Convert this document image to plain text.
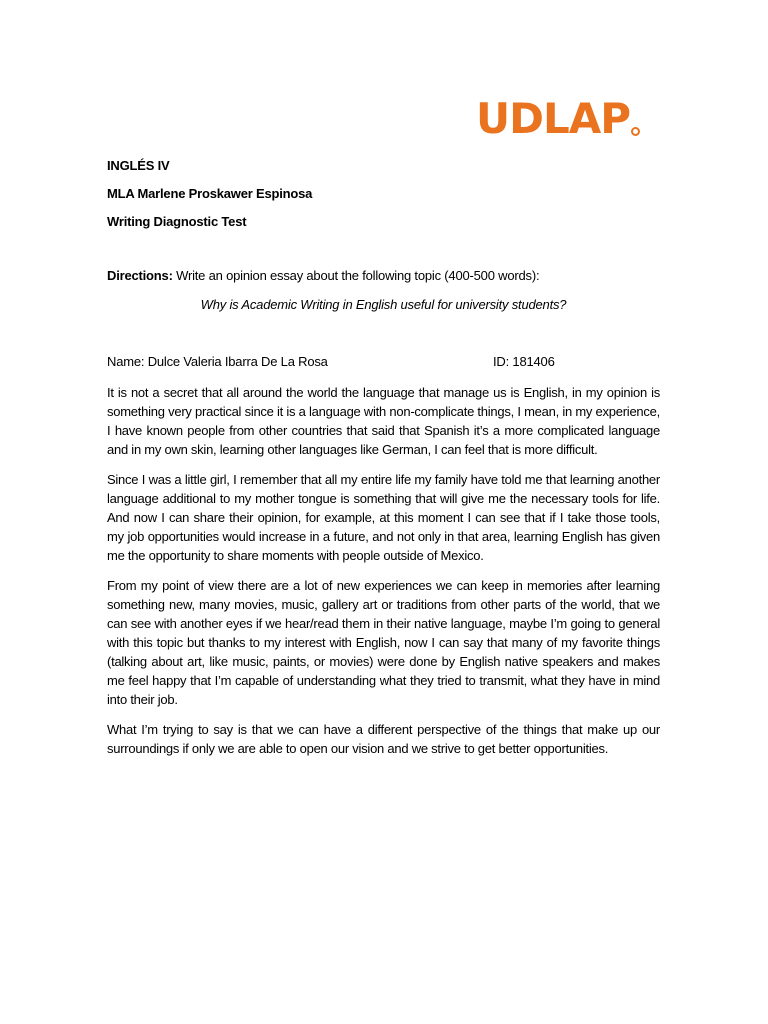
UDLAP
INGLÉS IV
MLA Marlene Proskawer Espinosa
Writing Diagnostic Test
Directions: Write an opinion essay about the following topic (400-500 words):
Why is Academic Writing in English useful for university students?
Name: Dulce Valeria Ibarra De La Rosa	ID: 181406

It is not a secret that all around the world the language that manage us is English, in my opinion is something very practical since it is a language with non-complicate things, I mean, in my experience, I have known people from other countries that said that Spanish it’s a more complicated language and in my own skin, learning other languages like German, I can feel that is more difficult.

Since I was a little girl, I remember that all my entire life my family have told me that learning another language additional to my mother tongue is something that will give me the necessary tools for life. And now I can share their opinion, for example, at this moment I can see that if I take those tools, my job opportunities would increase in a future, and not only in that area, learning English has given me the opportunity to share moments with people outside of Mexico.

From my point of view there are a lot of new experiences we can keep in memories after learning something new, many movies, music, gallery art or traditions from other parts of the world, that we can see with another eyes if we hear/read them in their native language, maybe I’m going to general with this topic but thanks to my interest with English, now I can say that many of my favorite things (talking about art, like music, paints, or movies) were done by English native speakers and makes me feel happy that I’m capable of understanding what they tried to transmit, what they have in mind into their job.

What I’m trying to say is that we can have a different perspective of the things that make up our surroundings if only we are able to open our vision and we strive to get better opportunities.
